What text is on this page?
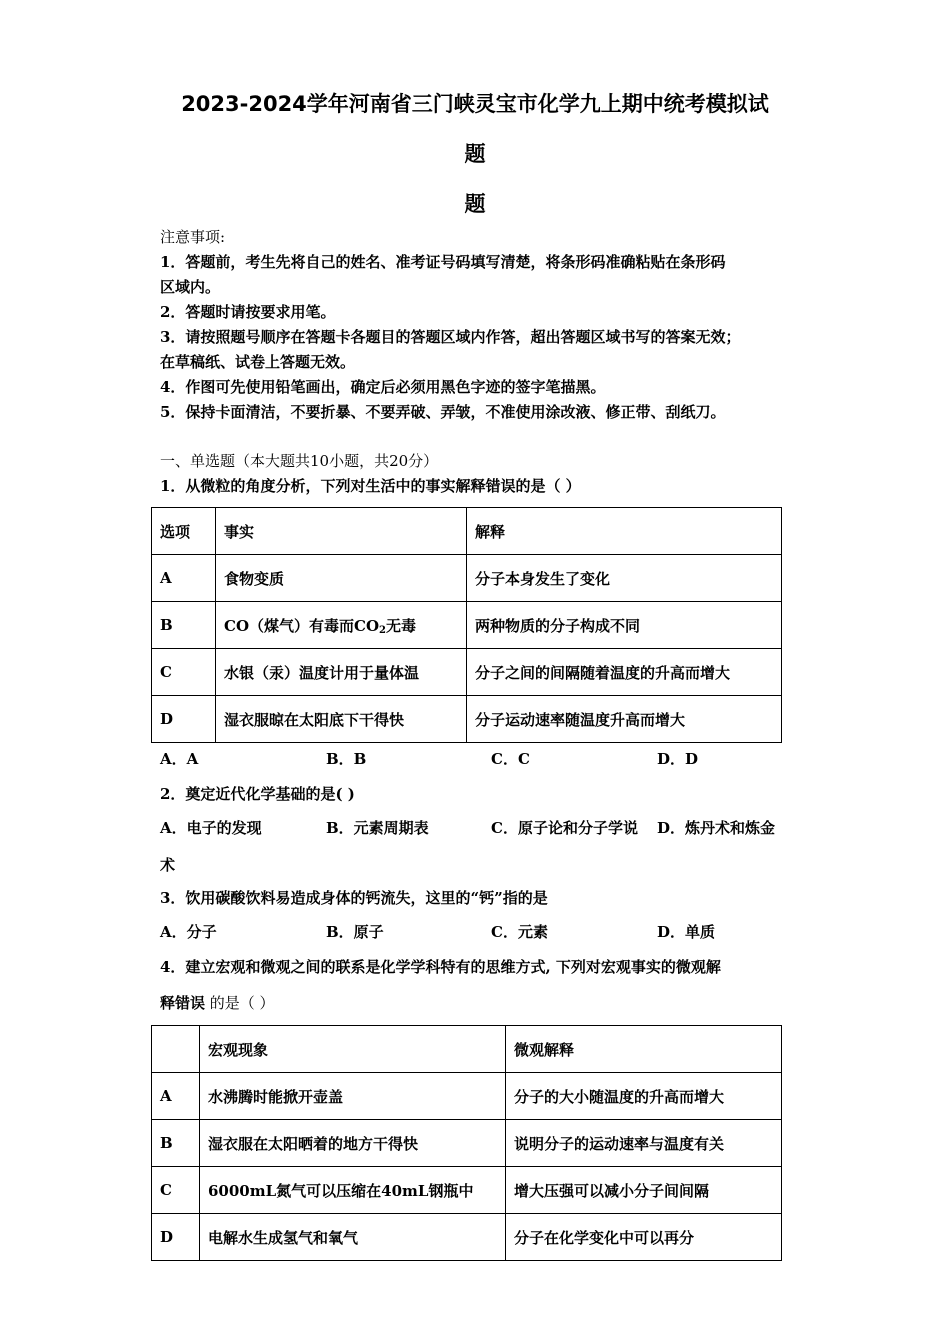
2023-2024学年河南省三门峡灵宝市化学九上期中统考模拟试
题
题
注意事项:
1．答题前，考生先将自己的姓名、准考证号码填写清楚，将条形码准确粘贴在条形码
区域内。
2．答题时请按要求用笔。
3．请按照题号顺序在答题卡各题目的答题区域内作答，超出答题区域书写的答案无效；
在草稿纸、试卷上答题无效。
4．作图可先使用铅笔画出，确定后必须用黑色字迹的签字笔描黑。
5．保持卡面清洁，不要折暴、不要弄破、弄皱，不准使用涂改液、修正带、刮纸刀。
一、单选题（本大题共10小题，共20分）
1．从微粒的角度分析，下列对生活中的事实解释错误的是（ ）
选项	事实	解释
A	食物变质	分子本身发生了变化
B	CO（煤气）有毒而$CO_2$无毒	两种物质的分子构成不同
C	水银（汞）温度计用于量体温	分子之间的间隔随着温度的升高而增大
D	湿衣服晾在太阳底下干得快	分子运动速率随温度升高而增大
A．A	B．B	C．C	D．D
2．奠定近代化学基础的是( )
A．电子的发现	B．元素周期表	C．原子论和分子学说 D．炼丹术和炼金
术
3．饮用碳酸饮料易造成身体的钙流失，这里的“钙”指的是
A．分子	B．原子	C．元素	D．单质
4．建立宏观和微观之间的联系是化学学科特有的思维方式, 下列对宏观事实的微观解
释错误 的是（ ）
	宏观现象	微观解释
A	水沸腾时能掀开壶盖	分子的大小随温度的升高而增大
B	湿衣服在太阳晒着的地方干得快	说明分子的运动速率与温度有关
C	6000mL氮气可以压缩在40mL钢瓶中	增大压强可以减小分子间间隔
D	电解水生成氢气和氧气	分子在化学变化中可以再分
